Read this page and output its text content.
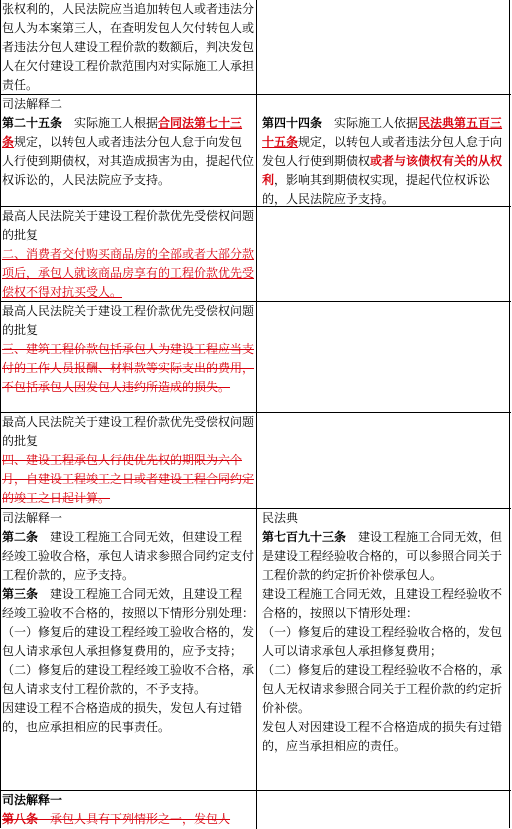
张权利的，人民法院应当追加转包人或者违法分包人为本案第三人，在查明发包人欠付转包人或者违法分包人建设工程价款的数额后，判决发包人在欠付建设工程价款范围内对实际施工人承担责任。

司法解释二

第二十五条　实际施工人根据合同法第七十三条规定，以转包人或者违法分包人怠于向发包人行使到期债权，对其造成损害为由，提起代位权诉讼的，人民法院应予支持。

第四十四条　实际施工人依据民法典第五百三十五条规定，以转包人或者违法分包人怠于向发包人行使到期债权或者与该债权有关的从权利，影响其到期债权实现，提起代位权诉讼的，人民法院应予支持。

最高人民法院关于建设工程价款优先受偿权问题的批复

二、消费者交付购买商品房的全部或者大部分款项后，承包人就该商品房享有的工程价款优先受偿权不得对抗买受人。

最高人民法院关于建设工程价款优先受偿权问题的批复

三、建筑工程价款包括承包人为建设工程应当支付的工作人员报酬、材料款等实际支出的费用，不包括承包人因发包人违约所造成的损失。

最高人民法院关于建设工程价款优先受偿权问题的批复

四、建设工程承包人行使优先权的期限为六个月，自建设工程竣工之日或者建设工程合同约定的竣工之日起计算。

司法解释一

第二条　建设工程施工合同无效，但建设工程经竣工验收合格，承包人请求参照合同约定支付工程价款的，应予支持。

第三条　建设工程施工合同无效，且建设工程经竣工验收不合格的，按照以下情形分别处理：

（一）修复后的建设工程经竣工验收合格的，发包人请求承包人承担修复费用的，应予支持；

（二）修复后的建设工程经竣工验收不合格，承包人请求支付工程价款的，不予支持。

因建设工程不合格造成的损失，发包人有过错的，也应承担相应的民事责任。

民法典

第七百九十三条　建设工程施工合同无效，但是建设工程经验收合格的，可以参照合同关于工程价款的约定折价补偿承包人。

建设工程施工合同无效，且建设工程经验收不合格的，按照以下情形处理：

（一）修复后的建设工程经验收合格的，发包人可以请求承包人承担修复费用；

（二）修复后的建设工程经验收不合格的，承包人无权请求参照合同关于工程价款的约定折价补偿。

发包人对因建设工程不合格造成的损失有过错的，应当承担相应的责任。

司法解释一

第八条　承包人具有下列情形之一，发包人
